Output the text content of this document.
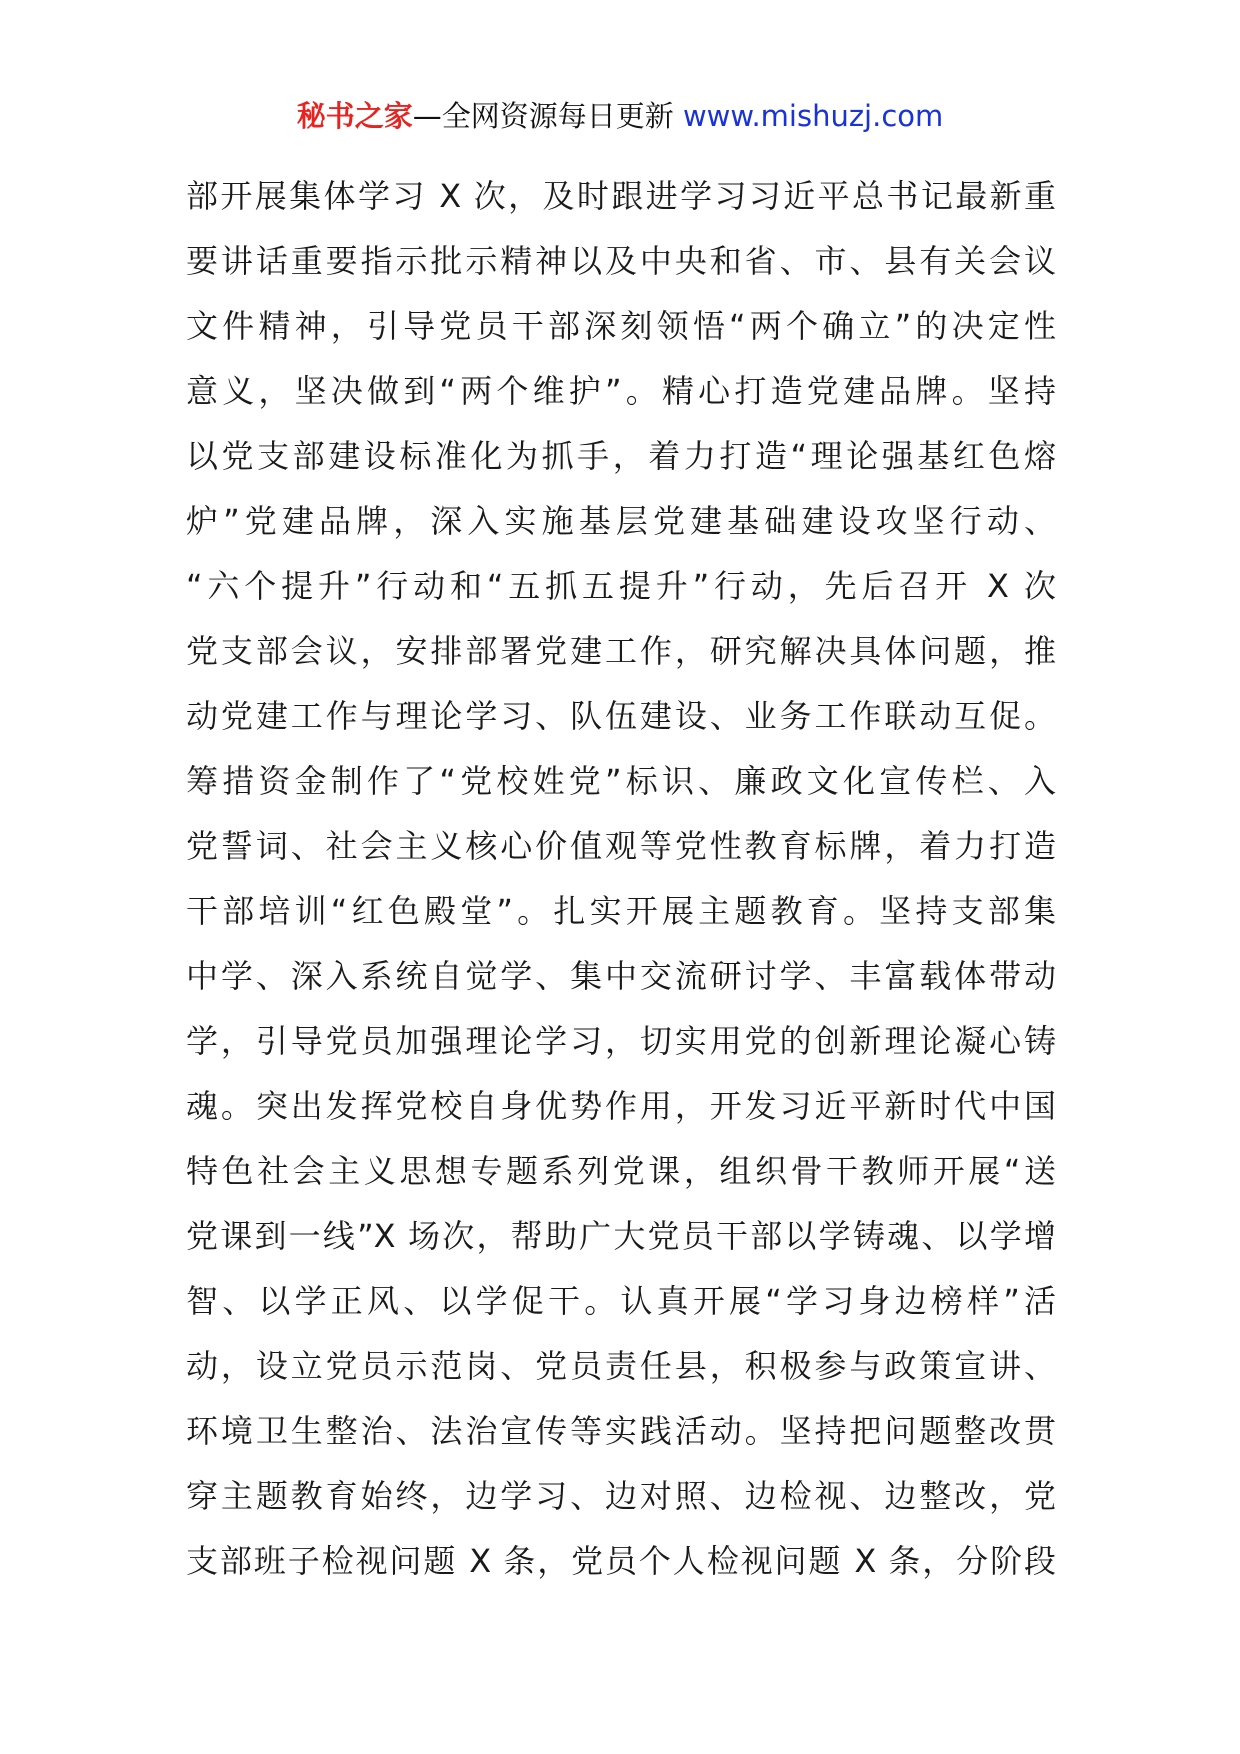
秘书之家—全网资源每日更新 www.mishuzj.com
部开展集体学习 X 次，及时跟进学习习近平总书记最新重
要讲话重要指示批示精神以及中央和省、市、县有关会议
文件精神，引导党员干部深刻领悟“两个确立”的决定性
意义，坚决做到“两个维护”。精心打造党建品牌。坚持
以党支部建设标准化为抓手，着力打造“理论强基红色熔
炉”党建品牌，深入实施基层党建基础建设攻坚行动、
“六个提升”行动和“五抓五提升”行动，先后召开 X 次
党支部会议，安排部署党建工作，研究解决具体问题，推
动党建工作与理论学习、队伍建设、业务工作联动互促。
筹措资金制作了“党校姓党”标识、廉政文化宣传栏、入
党誓词、社会主义核心价值观等党性教育标牌，着力打造
干部培训“红色殿堂”。扎实开展主题教育。坚持支部集
中学、深入系统自觉学、集中交流研讨学、丰富载体带动
学，引导党员加强理论学习，切实用党的创新理论凝心铸
魂。突出发挥党校自身优势作用，开发习近平新时代中国
特色社会主义思想专题系列党课，组织骨干教师开展“送
党课到一线”X 场次，帮助广大党员干部以学铸魂、以学增
智、以学正风、以学促干。认真开展“学习身边榜样”活
动，设立党员示范岗、党员责任县，积极参与政策宣讲、
环境卫生整治、法治宣传等实践活动。坚持把问题整改贯
穿主题教育始终，边学习、边对照、边检视、边整改，党
支部班子检视问题 X 条，党员个人检视问题 X 条，分阶段
